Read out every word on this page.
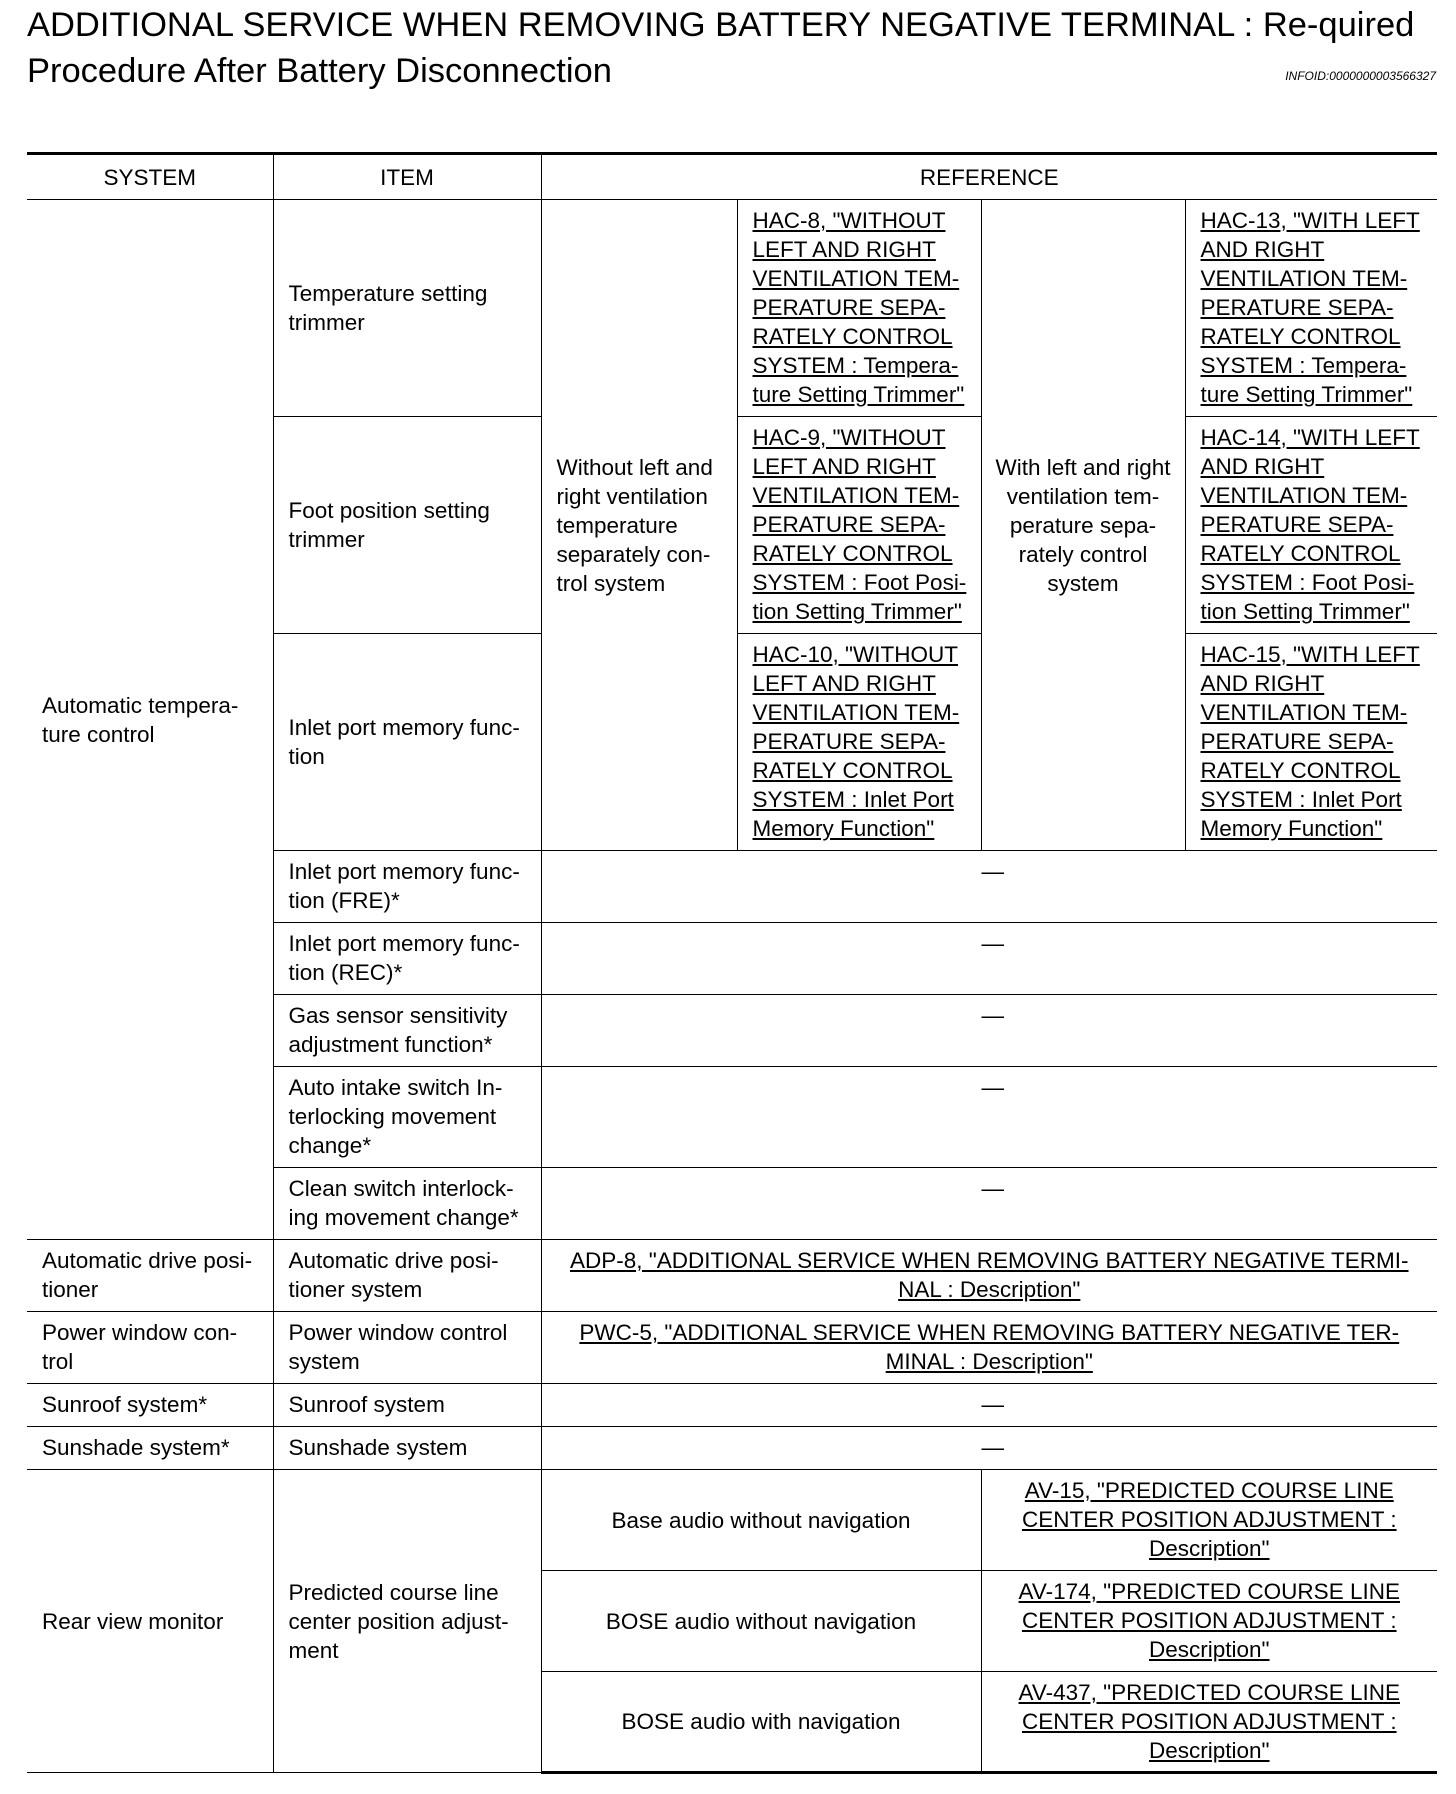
ADDITIONAL SERVICE WHEN REMOVING BATTERY NEGATIVE TERMINAL : Re-quired Procedure After Battery Disconnection	INFOID:0000000003566327
SYSTEM	ITEM	REFERENCE			
Automatic tempera-ture control	Temperature setting trimmer	Without left and right ventilation temperature separately con-trol system	HAC-8, "WITHOUT LEFT AND RIGHT VENTILATION TEM-PERATURE SEPA-RATELY CONTROL SYSTEM : Tempera-ture Setting Trimmer"	With left and right ventilation tem-perature sepa-rately control system	HAC-13, "WITH LEFT AND RIGHT VENTILATION TEM-PERATURE SEPA-RATELY CONTROL SYSTEM : Tempera-ture Setting Trimmer"
	Foot position setting trimmer		HAC-9, "WITHOUT LEFT AND RIGHT VENTILATION TEM-PERATURE SEPA-RATELY CONTROL SYSTEM : Foot Posi-tion Setting Trimmer"		HAC-14, "WITH LEFT AND RIGHT VENTILATION TEM-PERATURE SEPA-RATELY CONTROL SYSTEM : Foot Posi-tion Setting Trimmer"
	Inlet port memory func-tion		HAC-10, "WITHOUT LEFT AND RIGHT VENTILATION TEM-PERATURE SEPA-RATELY CONTROL SYSTEM : Inlet Port Memory Function"		HAC-15, "WITH LEFT AND RIGHT VENTILATION TEM-PERATURE SEPA-RATELY CONTROL SYSTEM : Inlet Port Memory Function"
	Inlet port memory func-tion (FRE)*	—			
	Inlet port memory func-tion (REC)*	—			
	Gas sensor sensitivity adjustment function*	—			
	Auto intake switch In-terlocking movement change*	—			
	Clean switch interlock-ing movement change*	—			
Automatic drive posi-tioner	Automatic drive posi-tioner system	ADP-8, "ADDITIONAL SERVICE WHEN REMOVING BATTERY NEGATIVE TERMI-NAL : Description"			
Power window con-trol	Power window control system	PWC-5, "ADDITIONAL SERVICE WHEN REMOVING BATTERY NEGATIVE TER-MINAL : Description"			
Sunroof system*	Sunroof system	—			
Sunshade system*	Sunshade system	—			
Rear view monitor	Predicted course line center position adjust-ment	Base audio without navigation		AV-15, "PREDICTED COURSE LINE CENTER POSITION ADJUSTMENT : Description"	
		BOSE audio without navigation		AV-174, "PREDICTED COURSE LINE CENTER POSITION ADJUSTMENT : Description"	
		BOSE audio with navigation		AV-437, "PREDICTED COURSE LINE CENTER POSITION ADJUSTMENT : Description"	
